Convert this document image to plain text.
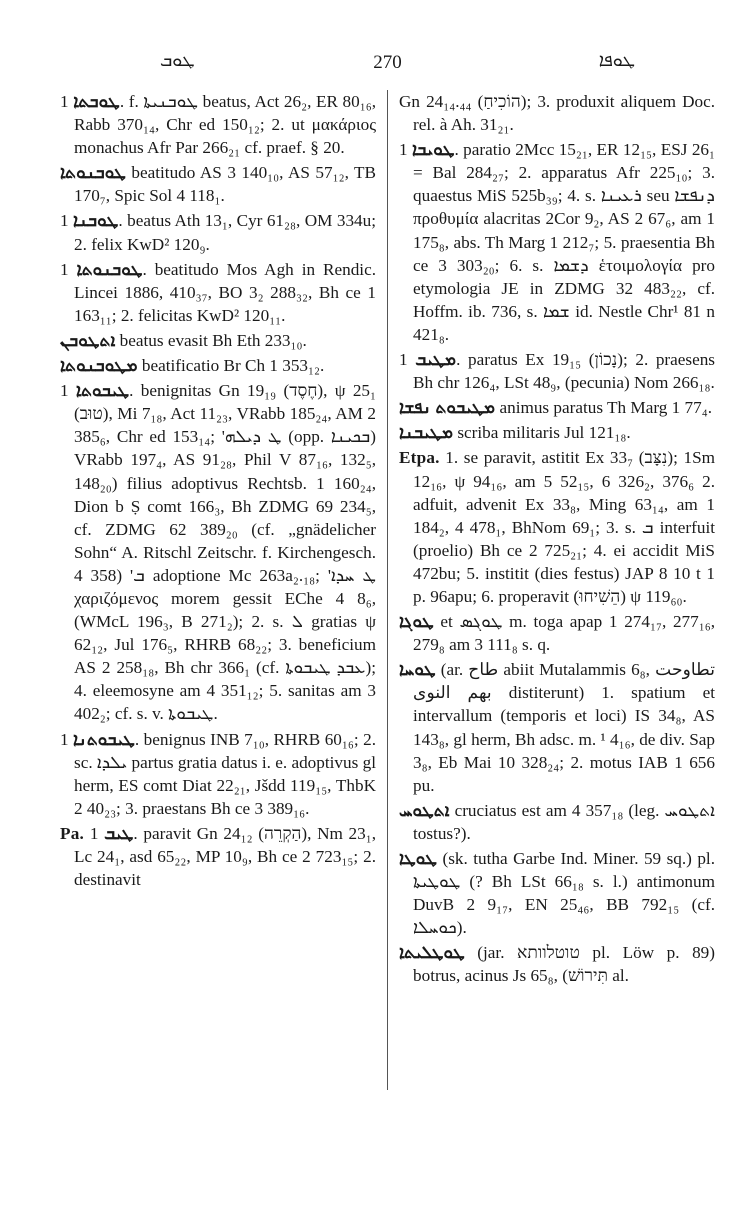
ܛܘܒ	270	ܛܘܦܐ

ܛܘܒܬܐ 1. f. ܛܘܒܢܝܬܐ beatus, Act 26₂, ER 80₁₆, Rabb 370₁₄, Chr ed 150₁₂; 2. ut μακάριος monachus Afr Par 266₂₁ cf. praef. § 20.

ܛܘܒܢܘܬܐ beatitudo AS 3 140₁₀, AS 57₁₂, TB 170₇, Spic Sol 4 118₁.

ܛܘܒܢܐ 1. beatus Ath 13₁, Cyr 61₂₈, OM 334u; 2. felix KwD² 120₉.

ܛܘܒܢܘܬܐ 1. beatitudo Mos Agh in Rendic. Lincei 1886, 410₃₇, BO 3₂ 288₃₂, Bh ce 1 163₁₁; 2. felicitas KwD² 120₁₁.

ܐܬܛܘܒܢ beatus evasit Bh Eth 233₁₀.

ܡܛܘܒܢܘܬܐ beatificatio Br Ch 1 353₁₂.

ܛܝܒܘܬܐ 1. benignitas Gn 19₁₉ (חֶסֶד), ψ 25₁ (טוּב), Mi 7₁₈, Act 11₂₃, VRabb 185₂₄, AM 2 385₆, Chr ed 153₁₄; 'ܛ ܕܝܠܗ (opp. ܒܟܝܢܐ) VRabb 197₄, AS 91₂₈, Phil V 87₁₆, 132₅, 148₂₀) filius adoptivus Rechtsb. 1 160₂₄, Dion b Ṣ comt 166₃, Bh ZDMG 69 234₅, cf. ZDMG 62 389₂₀ (cf. „gnädelicher Sohn“ A. Ritschl Zeitschr. f. Kirchengesch. 4 358) 'ܒ adoptione Mc 263a₂.₁₈; 'ܛ ܚܕܐ χαριζόμενος morem gessit EChe 4 8₆, (WMcL 196₃, B 271₂); 2. s. ܠ gratias ψ 62₁₂, Jul 176₅, RHRB 68₂₂; 3. beneficium AS 2 258₁₈, Bh chr 366₁ (cf. ܥܒܕ ܛܝܒܘܬܐ); 4. eleemosyne am 4 351₁₂; 5. sanitas am 3 402₂; cf. s. v. ܛܝܒܘܬܐ.

ܛܝܒܘܬܢܐ 1. benignus INB 7₁₀, RHRB 60₁₆; 2. sc. ܝܠܕܐ partus gratia datus i. e. adoptivus gl herm, ES comt Diat 22₂₁, Jšdd 119₁₅, ThbK 2 40₂₃; 3. praestans Bh ce 3 389₁₆.

Pa. ܛܝܒ 1. paravit Gn 24₁₂ (הַקְרֵה), Nm 23₁, Lc 24₁, asd 65₂₂, MP 10₉, Bh ce 2 723₁₅; 2. destinavit

Gn 24₁₄.₄₄ (הוֹכִיחַ); 3. produxit aliquem Doc. rel. à Ah. 31₂₁.

ܛܘܝܒܐ 1. paratio 2Mcc 15₂₁, ER 12₁₅, ESJ 26₁ = Bal 284₂₇; 2. apparatus Afr 225₁₀; 3. quaestus MiS 525b₃₉; 4. s. ܪܥܝܢܐ seu ܕܢܦܫܐ προθυμία alacritas 2Cor 9₂, AS 2 67₆, am 1 175₈, abs. Th Marg 1 212₇; 5. praesentia Bh ce 3 303₂₀; 6. s. ܕܫܡܐ ἑτοιμολογία pro etymologia JE in ZDMG 32 483₂₂, cf. Hoffm. ib. 736, s. ܫܡܐ id. Nestle Chr¹ 81 n 421₈.

ܡܛܝܒ 1. paratus Ex 19₁₅ (נָכוֹן); 2. praesens Bh chr 126₄, LSt 48₉, (pecunia) Nom 266₁₈.

ܡܛܝܒܘܬ ܢܦܫܐ animus paratus Th Marg 1 77₄.

ܡܛܝܒܢܐ scriba militaris Jul 121₁₈.

Etpa. 1. se paravit, astitit Ex 33₇ (נִצָּב); 1Sm 12₁₆, ψ 94₁₆, am 5 52₁₅, 6 326₂, 376₆ 2. adfuit, advenit Ex 33₈, Ming 63₁₄, am 1 184₂, 4 478₁, BhNom 69₁; 3. s. ܒ interfuit (proelio) Bh ce 2 725₂₁; 4. ei accidit MiS 472bu; 5. institit (dies festus) JAP 8 10 t 1 p. 96apu; 6. properavit (הֵשִׁיחוּ) ψ 119₆₀.

ܛܘܓܐ et ܛܘܓܣ m. toga apap 1 274₁₇, 277₁₆, 279₈ am 3 111₈ s. q.

ܛܘܚܐ (ar. طاح abiit Mutalammis 6₈, تطاوحت بهم النوى distiterunt) 1. spatium et intervallum (temporis et loci) IS 34₈, AS 143₈, gl herm, Bh adsc. m. ¹ 4₁₆, de div. Sap 3₈, Eb Mai 10 328₂₄; 2. motus IAB 1 656 pu.

ܐܬܛܘܚ cruciatus est am 4 357₁₈ (leg. ܐܬܛܘܚ tostus?).

ܛܘܛܐ (sk. tutha Garbe Ind. Miner. 59 sq.) pl. ܛܘܛܝܬܐ (? Bh LSt 66₁₈ s. l.) antimonum DuvB 2 9₁₇, EN 25₄₆, BB 792₁₅ (cf. ܟܘܚܠܐ).

ܛܘܛܠܝܬܐ (jar. טוטלוותא pl. Löw p. 89) botrus, acinus Js 65₈, (תִּירוֹשׁ al.
